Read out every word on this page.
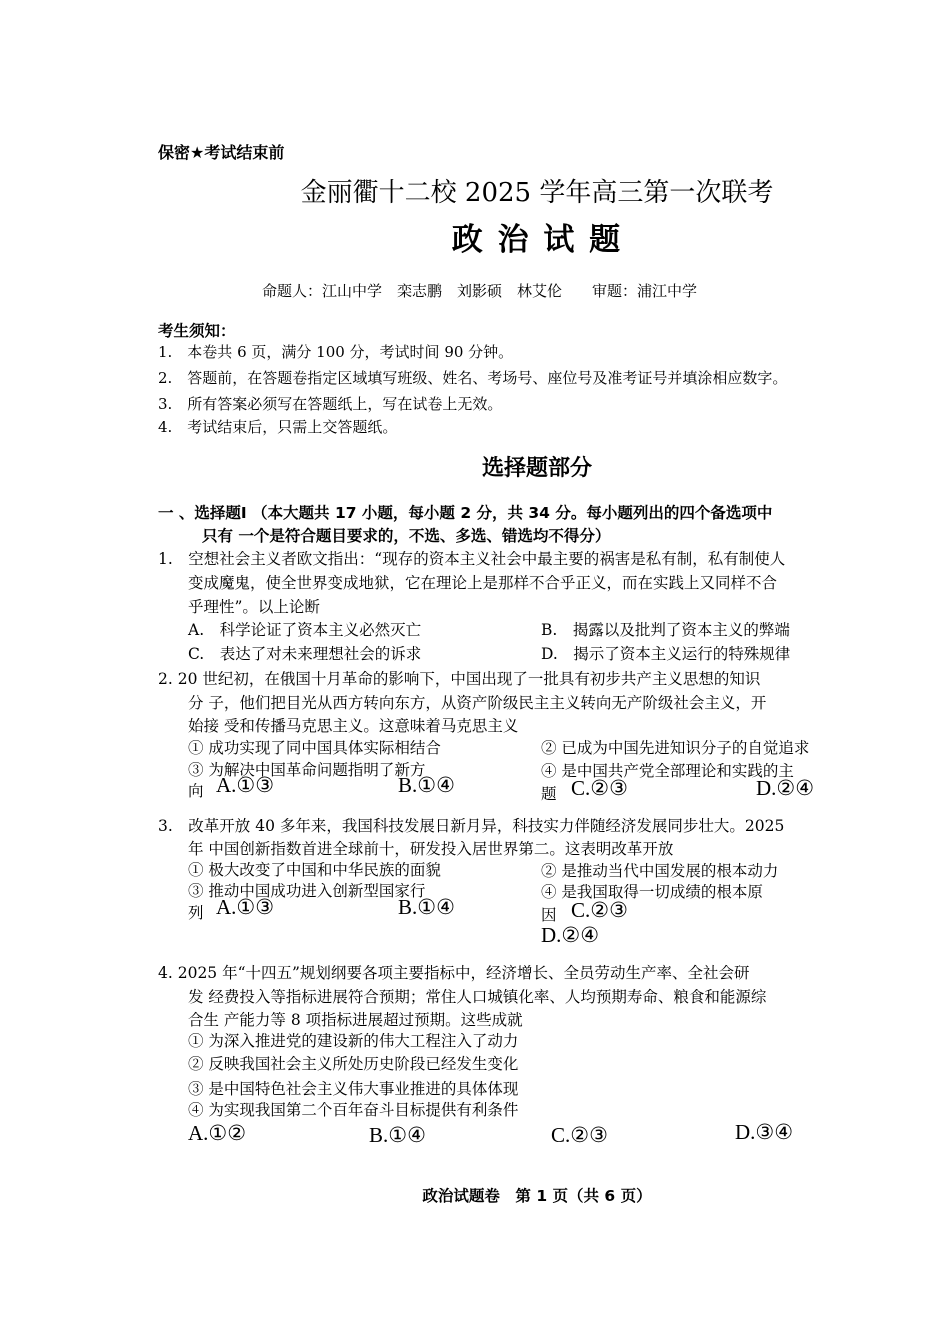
保密★考试结束前
金丽衢十二校 2025 学年高三第一次联考
政 治 试 题
命题人：江山中学　栾志鹏　刘影硕　林艾伦　　审题：浦江中学
考生须知：
1.　本卷共 6 页，满分 100 分，考试时间 90 分钟。
2.　答题前，在答题卷指定区域填写班级、姓名、考场号、座位号及准考证号并填涂相应数字。
3.　所有答案必须写在答题纸上，写在试卷上无效。
4.　考试结束后，只需上交答题纸。
选择题部分
一 、选择题Ⅰ （本大题共 17 小题，每小题 2 分，共 34 分。每小题列出的四个备选项中
只有 一个是符合题目要求的，不选、多选、错选均不得分）
1.　空想社会主义者欧文指出：“现存的资本主义社会中最主要的祸害是私有制，私有制使人
变成魔鬼，使全世界变成地狱，它在理论上是那样不合乎正义，而在实践上又同样不合
乎理性”。以上论断
A.　科学论证了资本主义必然灭亡	B.　揭露以及批判了资本主义的弊端
C.　表达了对未来理想社会的诉求	D.　揭示了资本主义运行的特殊规律
2. 20 世纪初，在俄国十月革命的影响下，中国出现了一批具有初步共产主义思想的知识
分 子，他们把目光从西方转向东方，从资产阶级民主主义转向无产阶级社会主义，开
始接 受和传播马克思主义。这意味着马克思主义
① 成功实现了同中国具体实际相结合	② 已成为中国先进知识分子的自觉追求
③ 为解决中国革命问题指明了新方	④ 是中国共产党全部理论和实践的主
向	题
A.①③	B.①④	C.②③	D.②④
3.　改革开放 40 多年来，我国科技发展日新月异，科技实力伴随经济发展同步壮大。2025
年 中国创新指数首进全球前十，研发投入居世界第二。这表明改革开放
① 极大改变了中国和中华民族的面貌	② 是推动当代中国发展的根本动力
③ 推动中国成功进入创新型国家行	④ 是我国取得一切成绩的根本原
列	因
A.①③	B.①④	C.②③
D.②④
4. 2025 年“十四五”规划纲要各项主要指标中，经济增长、全员劳动生产率、全社会研
发 经费投入等指标进展符合预期；常住人口城镇化率、人均预期寿命、粮食和能源综
合生 产能力等 8 项指标进展超过预期。这些成就
① 为深入推进党的建设新的伟大工程注入了动力
② 反映我国社会主义所处历史阶段已经发生变化
③ 是中国特色社会主义伟大事业推进的具体体现
④ 为实现我国第二个百年奋斗目标提供有利条件
A.①②	B.①④	C.②③	D.③④
政治试题卷　第 1 页（共 6 页）
